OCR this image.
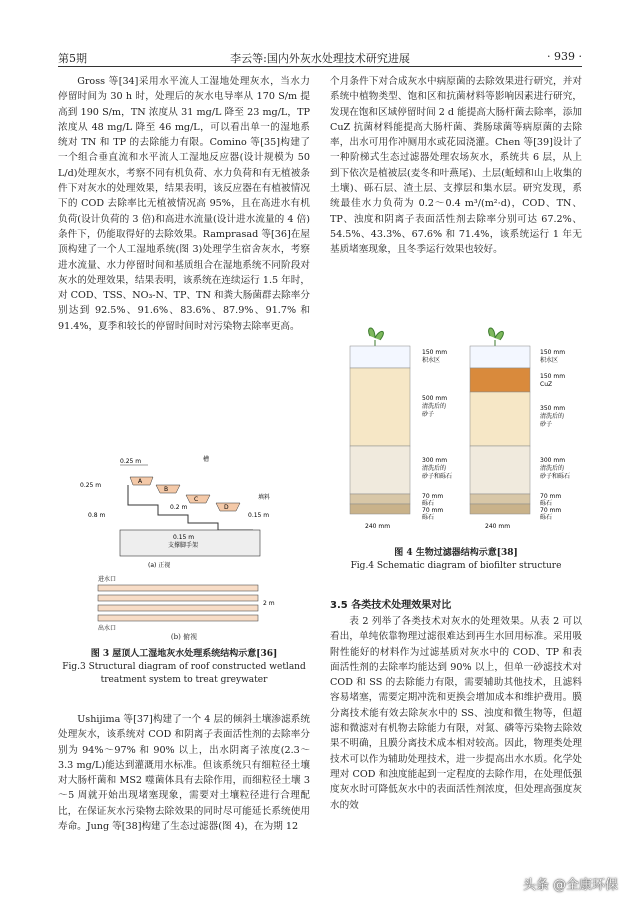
第5期	李云等:国内外灰水处理技术研究进展	· 939 ·

Gross 等[34]采用水平流人工湿地处理灰水，当水力停留时间为 30 h 时，处理后的灰水电导率从 170 S/m 提高到 190 S/m，TN 浓度从 31 mg/L 降至 23 mg/L，TP 浓度从 48 mg/L 降至 46 mg/L，可以看出单一的湿地系统对 TN 和 TP 的去除能力有限。Comino 等[35]构建了一个组合垂直流和水平流人工湿地反应器(设计规模为 50 L/d)处理灰水，考察不同有机负荷、水力负荷和有无植被条件下对灰水的处理效果，结果表明，该反应器在有植被情况下的 COD 去除率比无植被情况高 95%，且在高进水有机负荷(设计负荷的 3 倍)和高进水流量(设计进水流量的 4 倍)条件下，仍能取得好的去除效果。Ramprasad 等[36]在屋顶构建了一个人工湿地系统(图 3)处理学生宿舍灰水，考察进水流量、水力停留时间和基质组合在湿地系统不同阶段对灰水的处理效果，结果表明，该系统在连续运行 1.5 年时，对 COD、TSS、NO₃-N、TP、TN 和粪大肠菌群去除率分别达到 92.5%、91.6%、83.6%、87.9%、91.7% 和 91.4%，夏季和较长的停留时间时对污染物去除率更高。

0.25 m	槽
A
B
C
D
支撑脚手架
0.25 m
0.8 m
0.15 m
0.15 m
填料
0.2 m
(a) 正视
进水口
2 m
出水口
(b) 俯视
图 3 屋顶人工湿地灰水处理系统结构示意[36]
Fig.3 Structural diagram of roof constructed wetland treatment system to treat greywater

Ushijima 等[37]构建了一个 4 层的倾斜土壤渗滤系统处理灰水，该系统对 COD 和阴离子表面活性剂的去除率分别为 94%～97% 和 90% 以上，出水阴离子浓度(2.3～3.3 mg/L)能达到灌溉用水标准。但该系统只有细粒径土壤对大肠杆菌和 MS2 噬菌体具有去除作用，而细粒径土壤 3～5 周就开始出现堵塞现象，需要对土壤粒径进行合理配比，在保证灰水污染物去除效果的同时尽可能延长系统使用寿命。Jung 等[38]构建了生态过滤器(图 4)，在为期 12

个月条件下对合成灰水中病原菌的去除效果进行研究，并对系统中植物类型、饱和区和抗菌材料等影响因素进行研究，发现在饱和区域停留时间 2 d 能提高大肠杆菌去除率，添加 CuZ 抗菌材料能提高大肠杆菌、粪肠球菌等病原菌的去除率，出水可用作冲厕用水或花园浇灌。Chen 等[39]设计了一种阶梯式生态过滤器处理农场灰水，系统共 6 层，从上到下依次是植被层(麦冬和叶燕尾)、土层(蚯蚓和山上收集的土壤)、砾石层、渣土层、支撑层和集水层。研究发现，系统最佳水力负荷为 0.2～0.4 m³/(m²·d)，COD、TN、TP、浊度和阴离子表面活性剂去除率分别可达 67.2%、54.5%、43.3%、67.6% 和 71.4%，该系统运行 1 年无基质堵塞现象，且冬季运行效果也较好。

150 mm
积水区
500 mm
清洗后的
砂子
300 mm
清洗后的
砂子和砾石
70 mm
砾石
70 mm
砾石
240 mm
150 mm
积水区
150 mm
CuZ
350 mm
清洗后的
砂子
300 mm
清洗后的
砂子和砾石
70 mm
砾石
70 mm
砾石
240 mm
图 4 生物过滤器结构示意[38]
Fig.4 Schematic diagram of biofilter structure
3.5 各类技术处理效果对比

表 2 列举了各类技术对灰水的处理效果。从表 2 可以看出，单纯依靠物理过滤很难达到再生水回用标准。采用吸附性能好的材料作为过滤基质对灰水中的 COD、TP 和表面活性剂的去除率均能达到 90% 以上，但单一砂滤技术对 COD 和 SS 的去除能力有限，需要辅助其他技术，且滤料容易堵塞，需要定期冲洗和更换会增加成本和维护费用。膜分离技术能有效去除灰水中的 SS、浊度和微生物等，但超滤和微滤对有机物去除能力有限，对氮、磷等污染物去除效果不明确，且膜分离技术成本相对较高。因此，物理类处理技术可以作为辅助处理技术，进一步提高出水水质。化学处理对 COD 和浊度能起到一定程度的去除作用，在处理低强度灰水时可降低灰水中的表面活性剂浓度，但处理高强度灰水的效

头条 @全康环保
